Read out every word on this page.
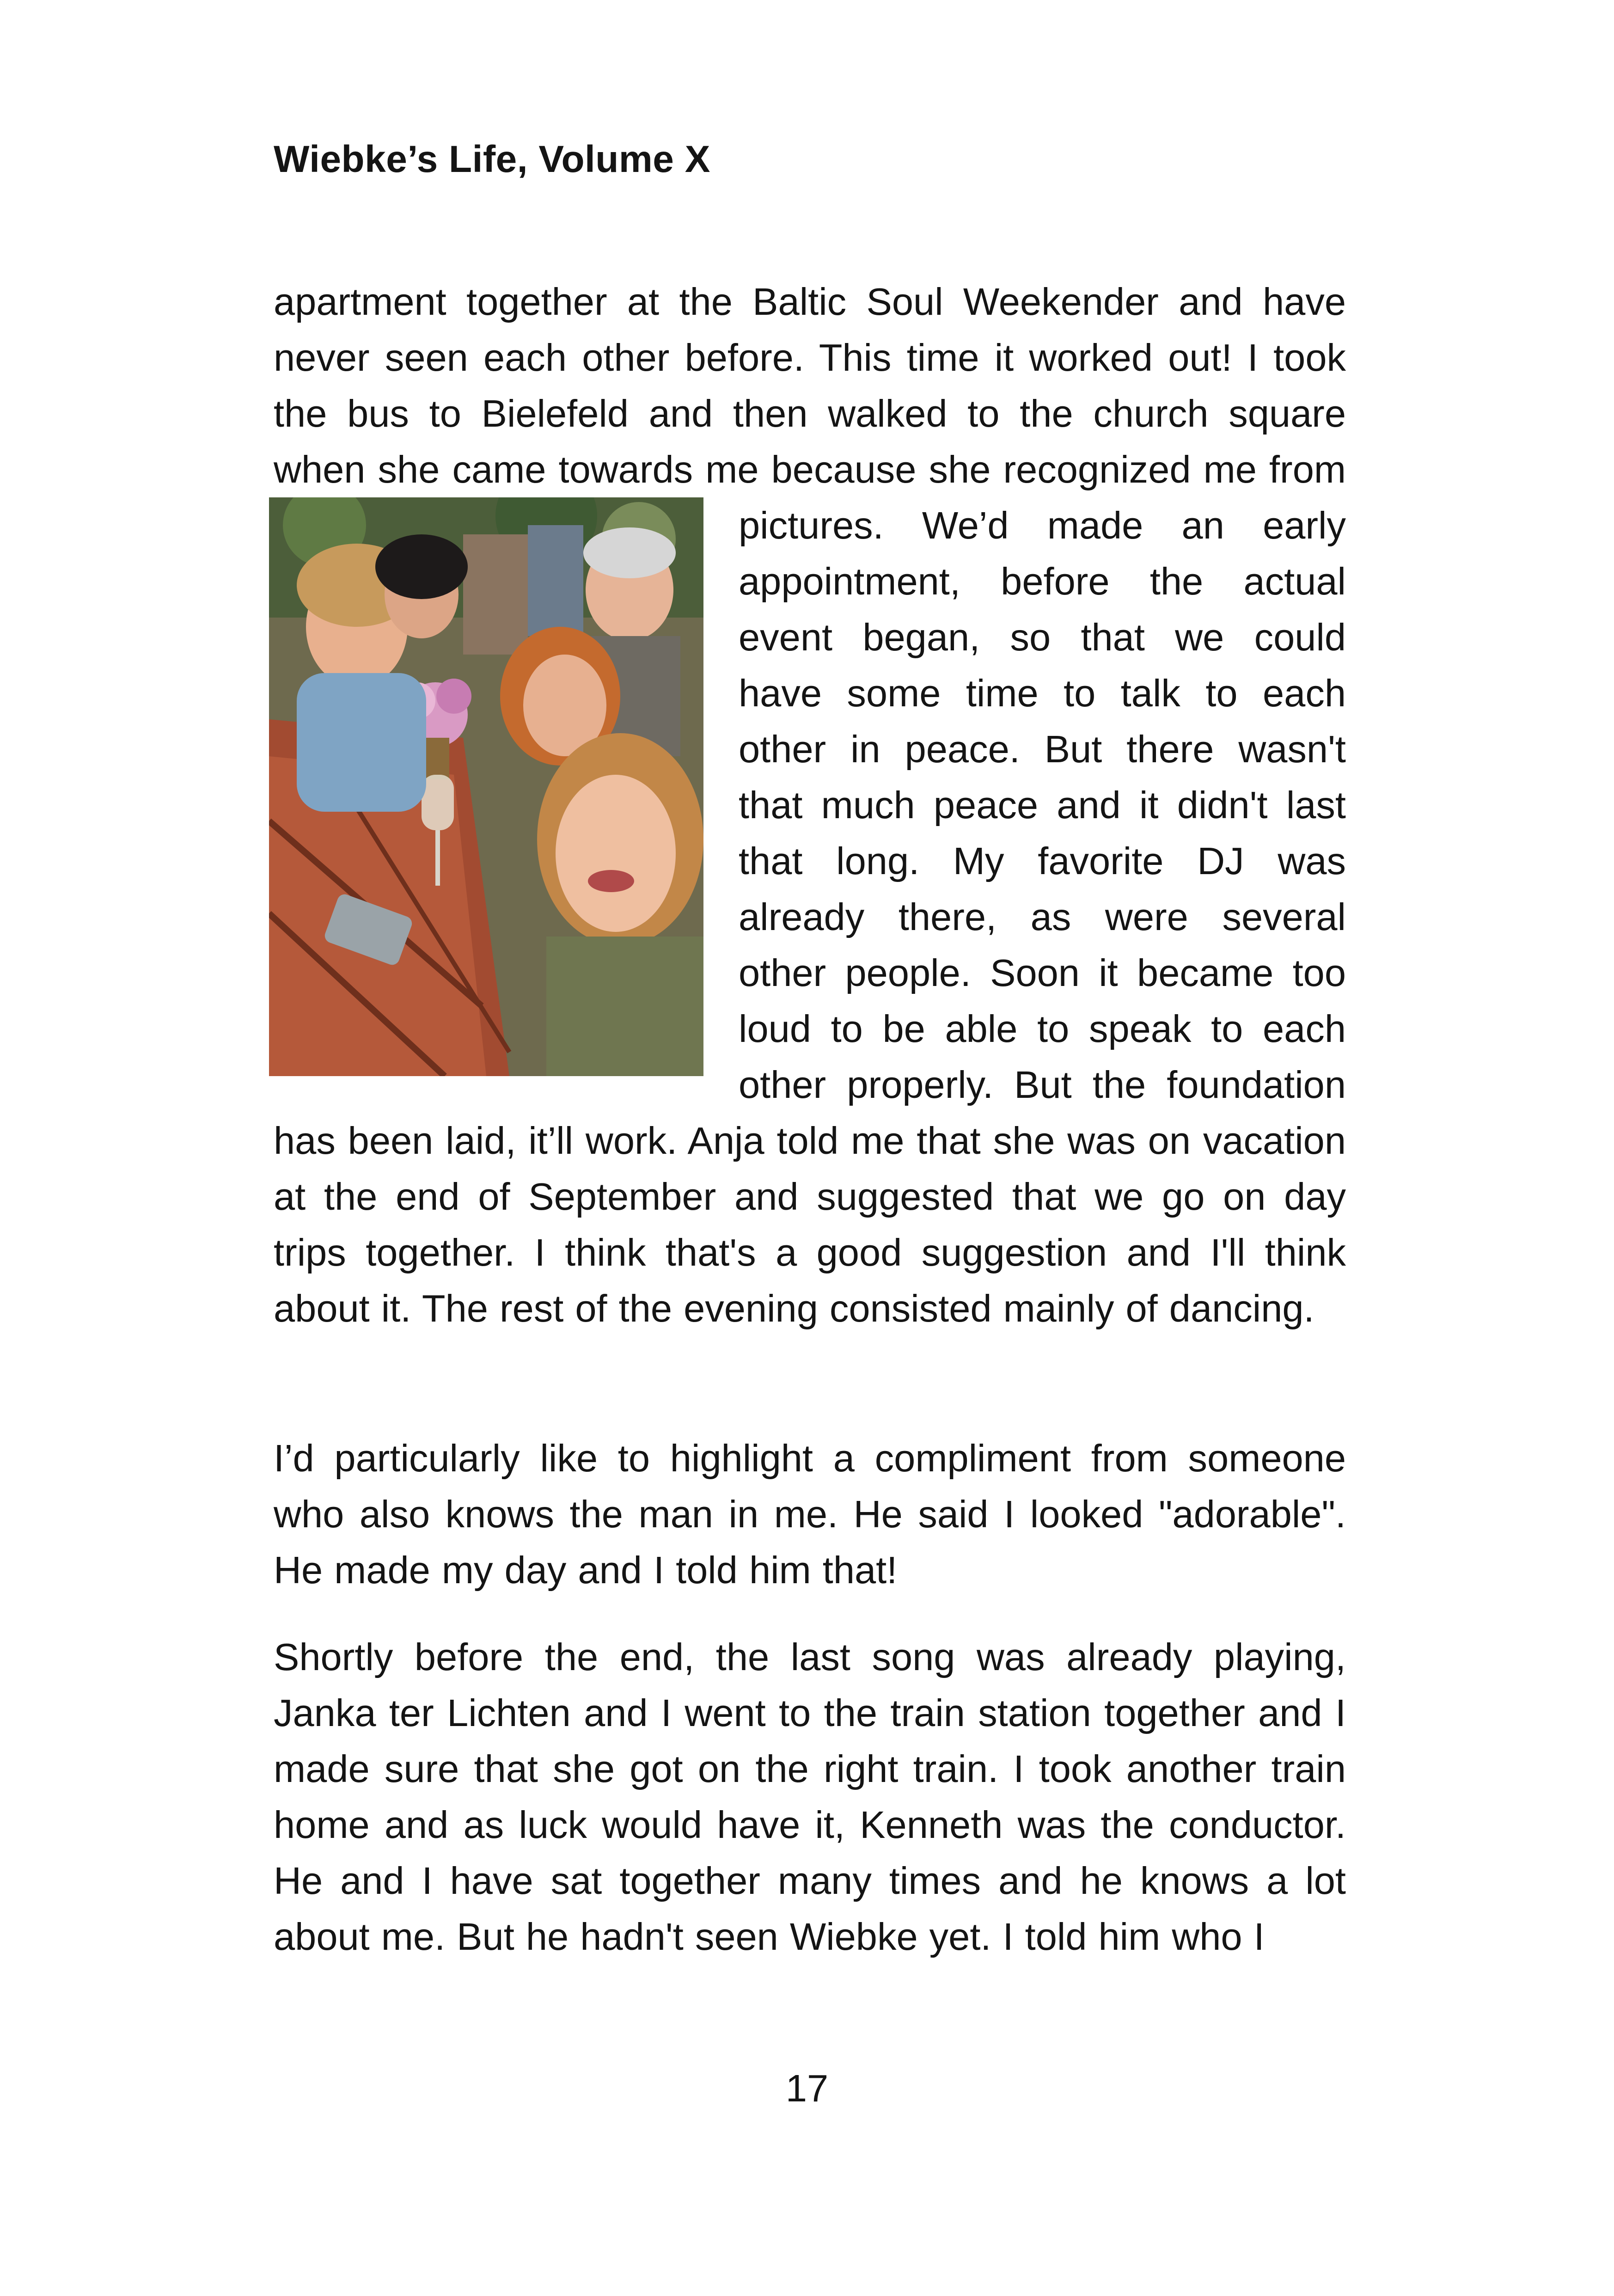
Wiebke’s Life, Volume X

apartment together at the Baltic Soul Weekender and have never seen each other before. This time it worked out! I took the bus to Bielefeld and then walked to the church square when she came towards me because she recognized me from pictures. We’d made an early appointment, before the actual event began, so that we could have some time to talk to each other in peace. But there wasn't that much peace and it didn't last that long. My favorite DJ was already there, as were several other people. Soon it became too loud to be able to speak to each other properly. But the foundation has been laid, it’ll work. Anja told me that she was on vacation at the end of September and suggested that we go on day trips together. I think that's a good suggestion and I'll think about it. The rest of the evening consisted mainly of dancing.

I’d particularly like to highlight a compliment from someone who also knows the man in me. He said I looked "adorable". He made my day and I told him that!

Shortly before the end, the last song was already playing, Janka ter Lichten and I went to the train station together and I made sure that she got on the right train. I took another train home and as luck would have it, Kenneth was the conductor. He and I have sat together many times and he knows a lot about me. But he hadn't seen Wiebke yet. I told him who I

17
